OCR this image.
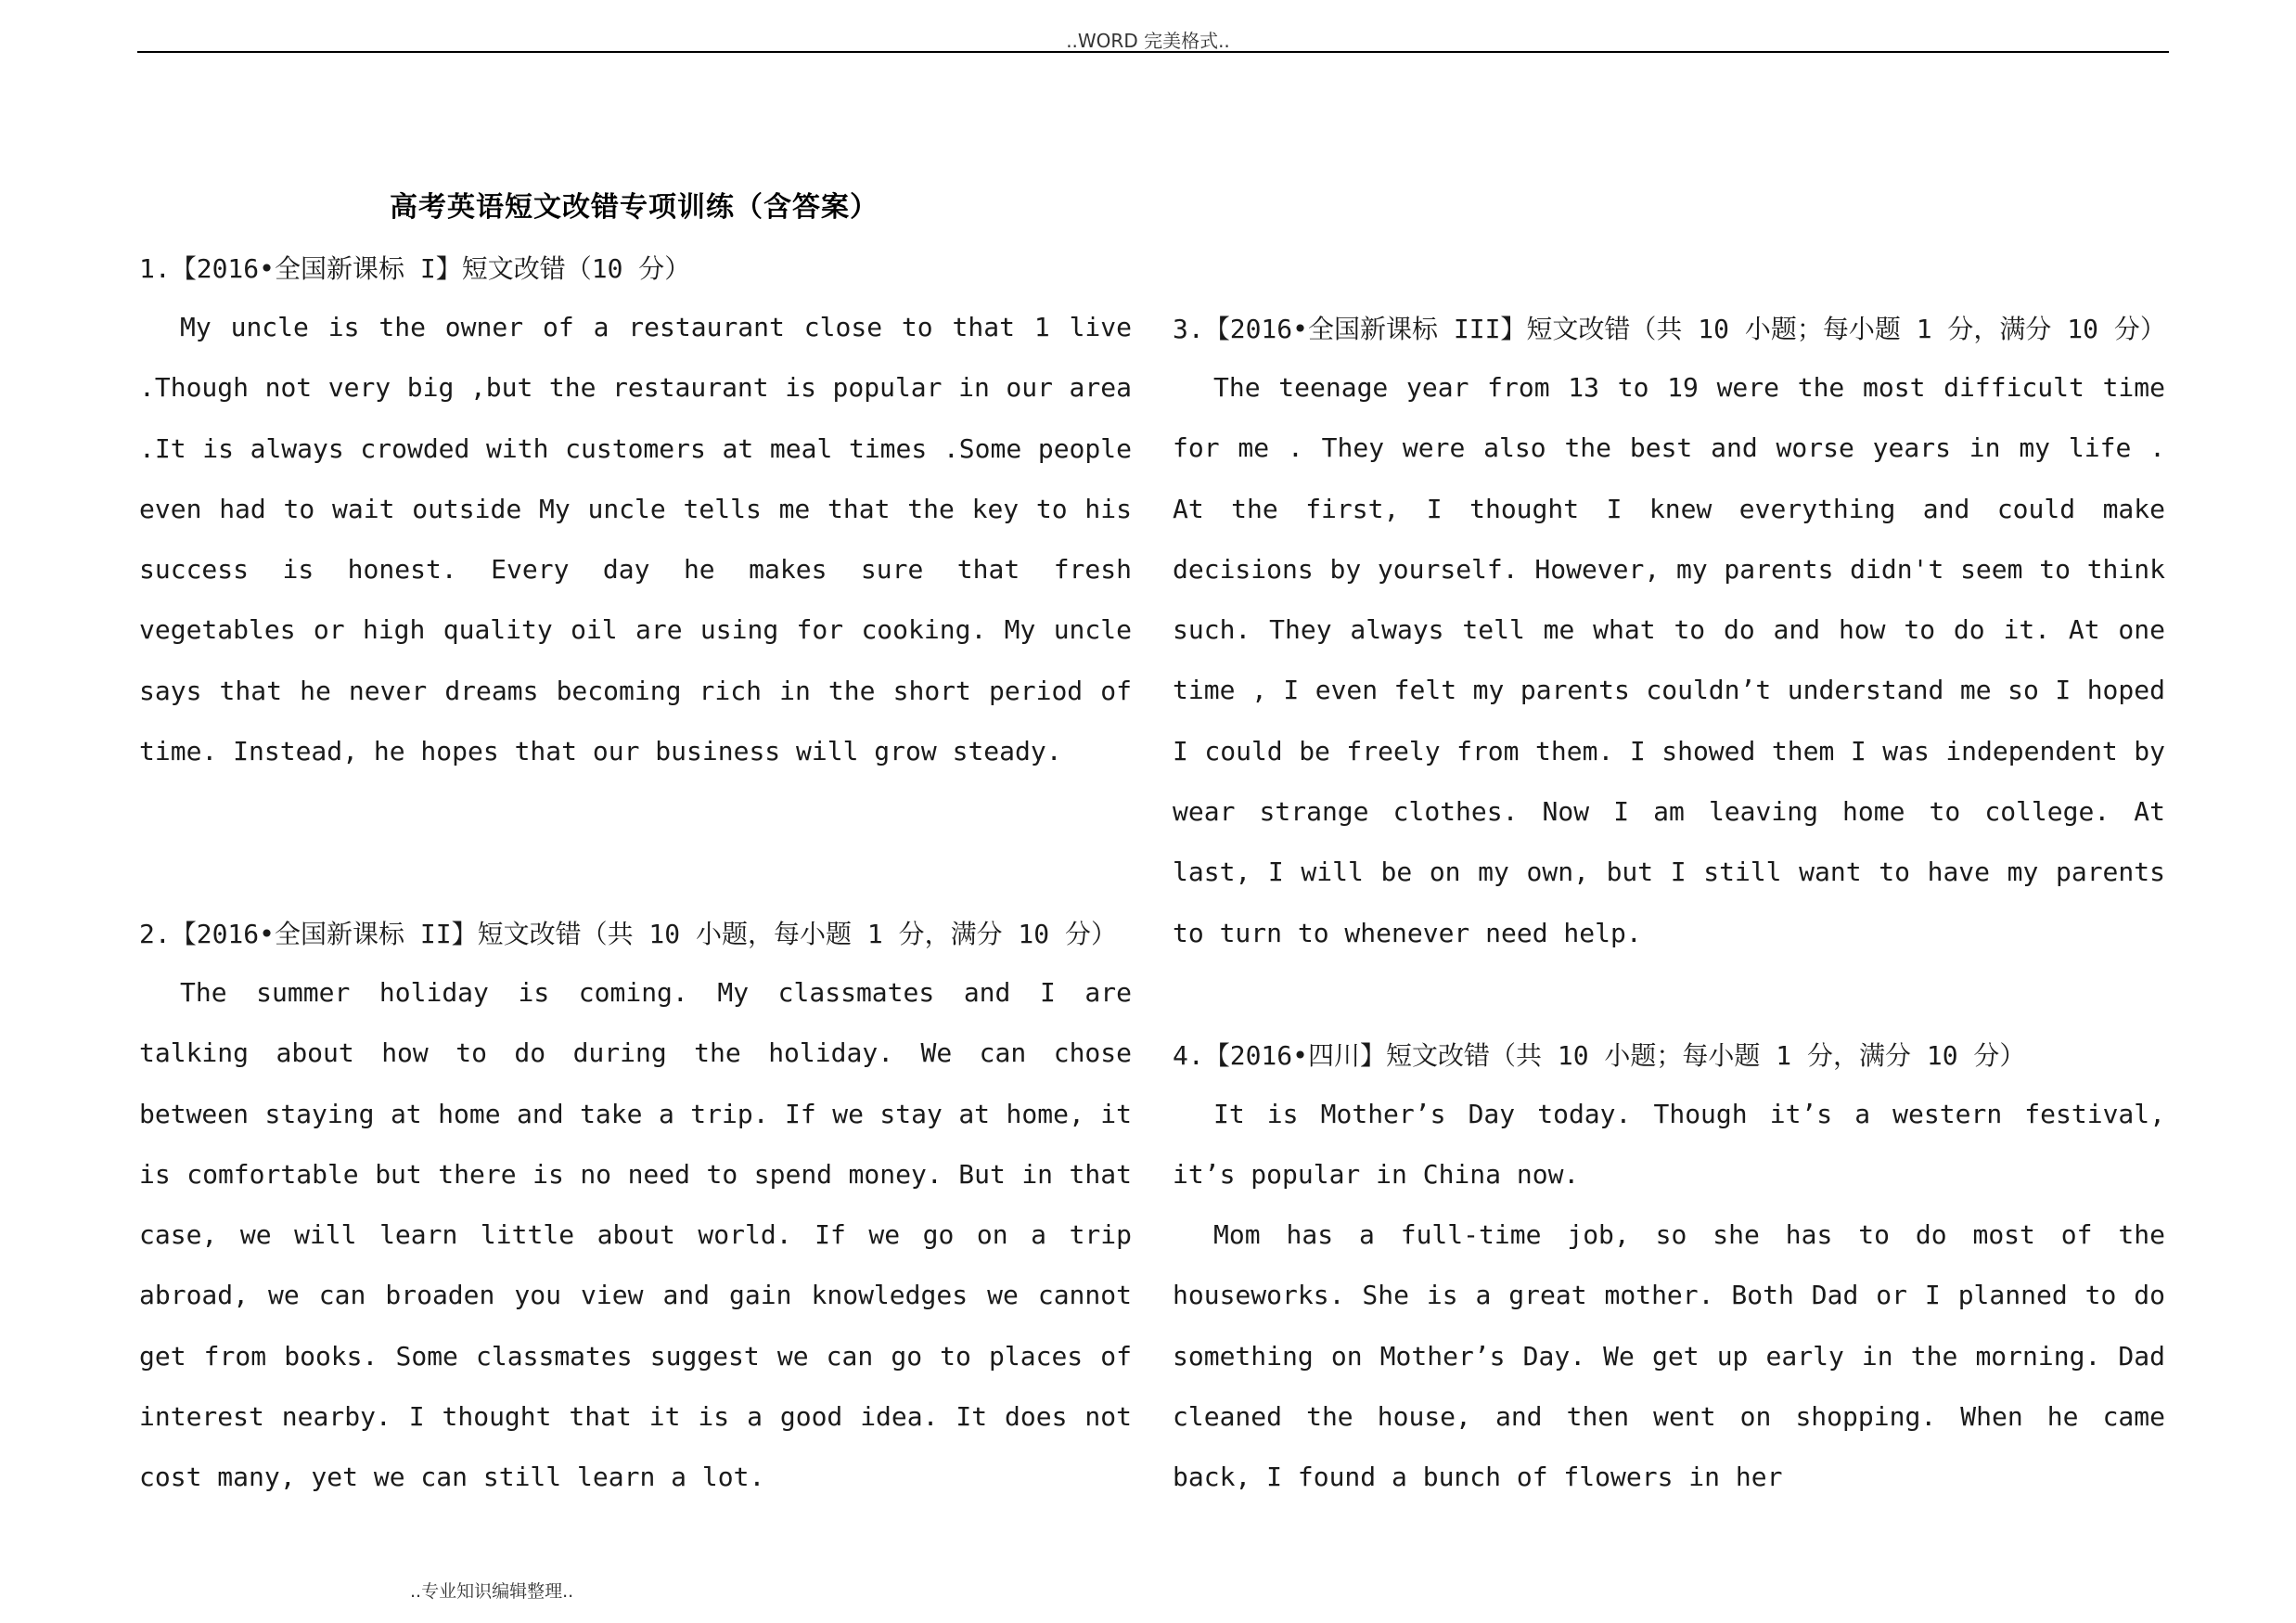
..WORD 完美格式..
高考英语短文改错专项训练（含答案）
1.【2016•全国新课标 I】短文改错（10 分）

My uncle is the owner of a restaurant close to that 1 live .Though not very big ,but the restaurant is popular in our area .It is always crowded with customers at meal times .Some people even had to wait outside My uncle tells me that the key to his success is honest. Every day he makes sure that fresh vegetables or high quality oil are using for cooking. My uncle says that he never dreams becoming rich in the short period of time. Instead, he hopes that our business will grow steady.

2.【2016•全国新课标 II】短文改错（共 10 小题，每小题 1 分，满分 10 分）

The summer holiday is coming. My classmates and I are talking about how to do during the holiday. We can chose between staying at home and take a trip. If we stay at home, it is comfortable but there is no need to spend money. But in that case, we will learn little about world. If we go on a trip abroad, we can broaden you view and gain knowledges we cannot get from books. Some classmates suggest we can go to places of interest nearby. I thought that it is a good idea. It does not cost many, yet we can still learn a lot.

3.【2016•全国新课标 III】短文改错（共 10 小题；每小题 1 分，满分 10 分）

The teenage year from 13 to 19 were the most difficult time for me . They were also the best and worse years in my life . At the first, I thought I knew everything and could make decisions by yourself. However, my parents didn't seem to think such. They always tell me what to do and how to do it. At one time , I even felt my parents couldn’t understand me so I hoped I could be freely from them. I showed them I was independent by wear strange clothes. Now I am leaving home to college. At last, I will be on my own, but I still want to have my parents to turn to whenever need help.

4.【2016•四川】短文改错（共 10 小题；每小题 1 分，满分 10 分）

It is Mother’s Day today. Though it’s a western festival, it’s popular in China now.

Mom has a full-time job, so she has to do most of the houseworks. She is a great mother. Both Dad or I planned to do something on Mother’s Day. We get up early in the morning. Dad cleaned the house, and then went on shopping. When he came back, I found a bunch of flowers in her

..专业知识编辑整理..
